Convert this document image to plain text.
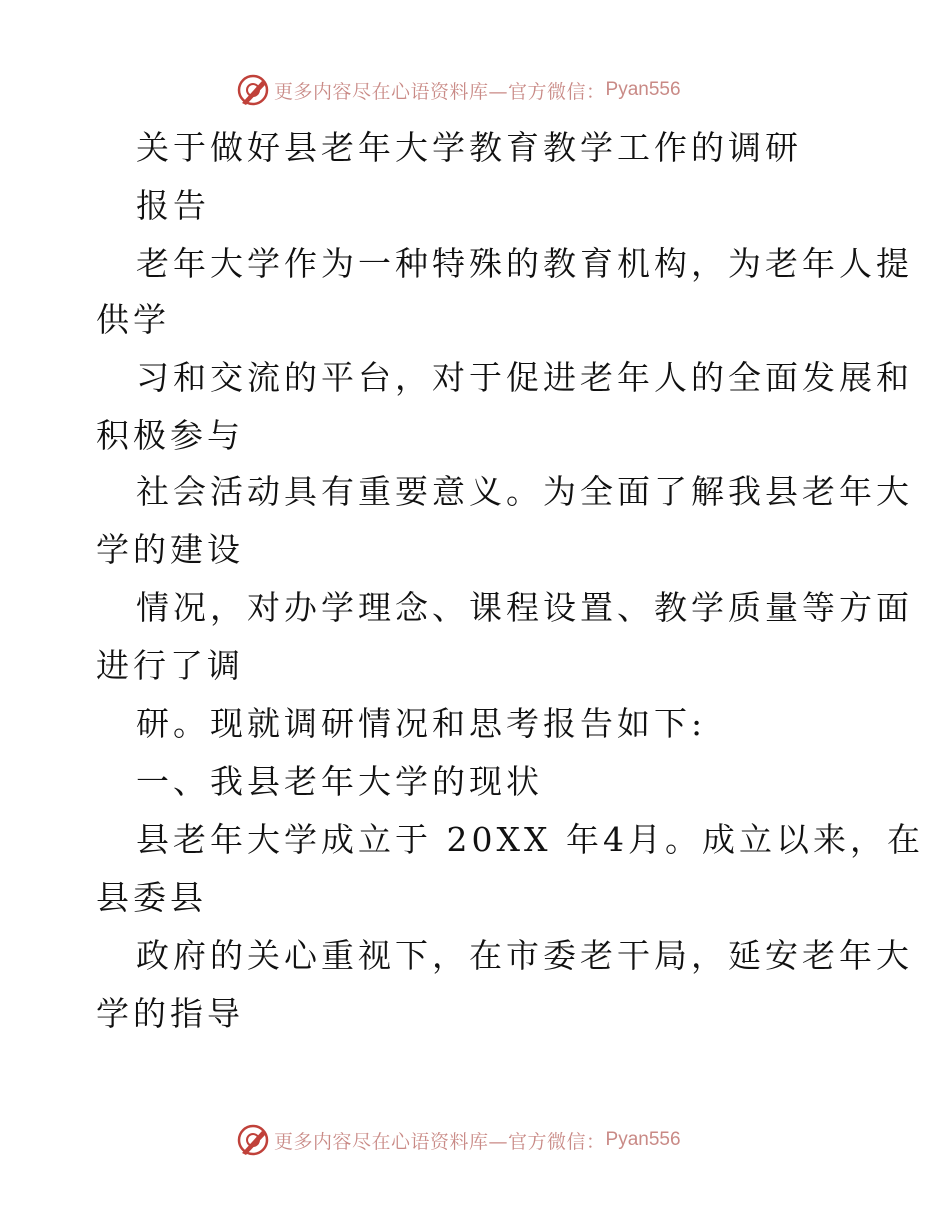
更多内容尽在心语资料库—官方微信： Pyan556
关于做好县老年大学教育教学工作的调研
报告
老年大学作为一种特殊的教育机构，为老年人提
供学
习和交流的平台，对于促进老年人的全面发展和
积极参与
社会活动具有重要意义。为全面了解我县老年大
学的建设
情况，对办学理念、课程设置、教学质量等方面
进行了调
研。现就调研情况和思考报告如下:
一、我县老年大学的现状
县老年大学成立于 20XX 年4月。成立以来，在
县委县
政府的关心重视下，在市委老干局，延安老年大
学的指导
更多内容尽在心语资料库—官方微信： Pyan556
